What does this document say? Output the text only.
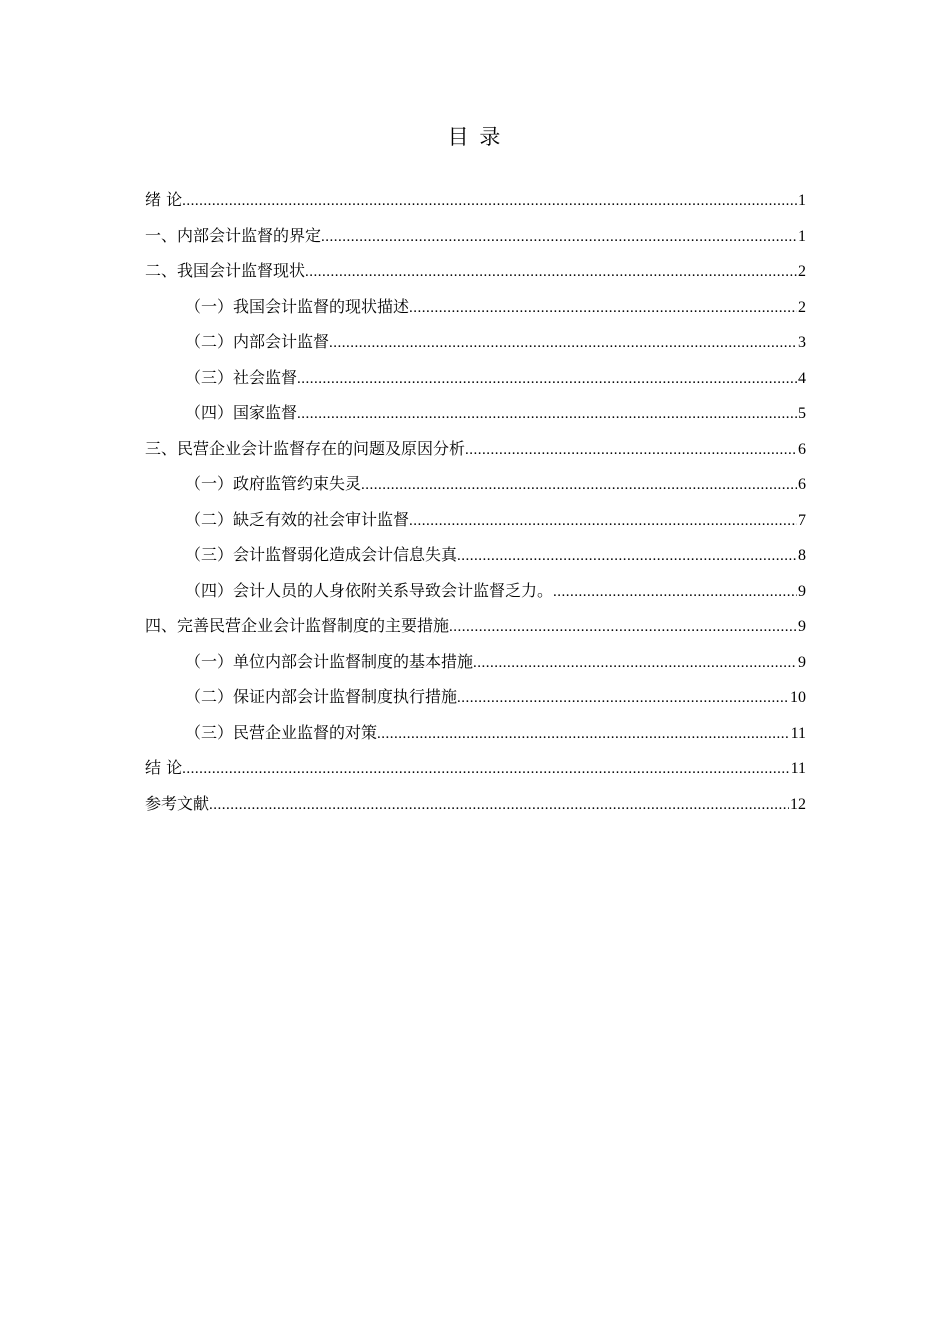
目 录
绪 论 .....	1
一、内部会计监督的界定 .....	1
二、我国会计监督现状 .....	2
（一）我国会计监督的现状描述 .....	2
（二）内部会计监督 .....	3
（三）社会监督 .....	4
（四）国家监督 .....	5
三、民营企业会计监督存在的问题及原因分析 .....	6
（一）政府监管约束失灵 .....	6
（二）缺乏有效的社会审计监督 .....	7
（三）会计监督弱化造成会计信息失真 .....	8
（四）会计人员的人身依附关系导致会计监督乏力。 .....	9
四、完善民营企业会计监督制度的主要措施 .....	9
（一）单位内部会计监督制度的基本措施 .....	9
（二）保证内部会计监督制度执行措施 .....	10
（三）民营企业监督的对策 .....	11
结 论 .....	11
参考文献 .....	12
